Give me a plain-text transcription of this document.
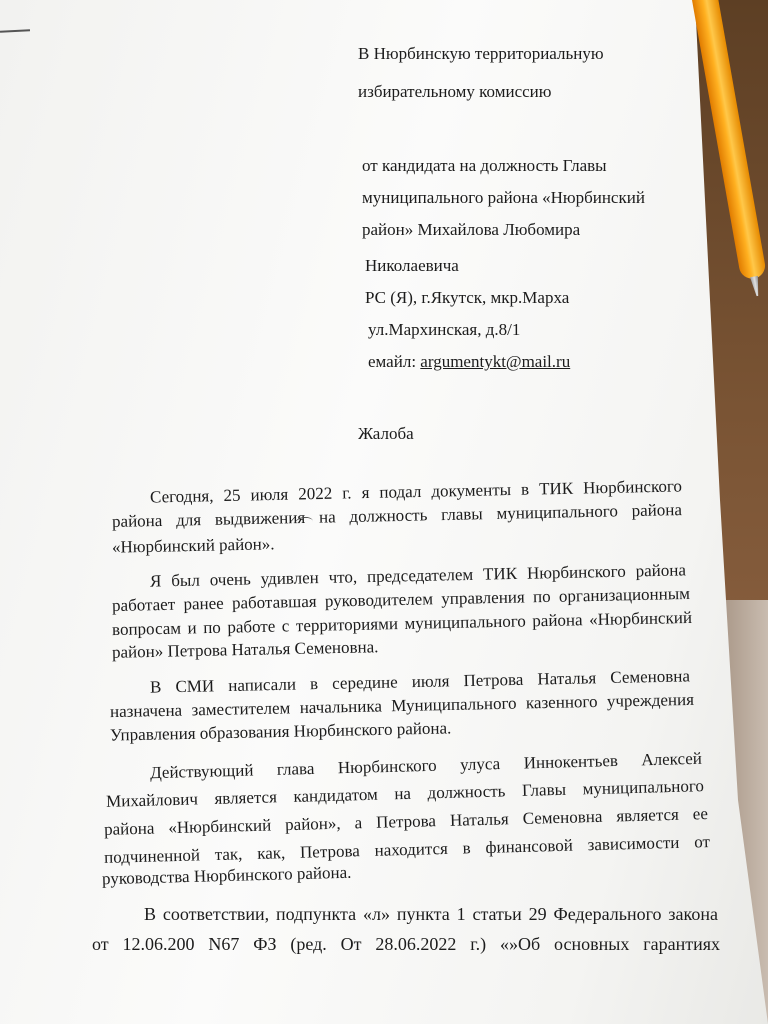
В Нюрбинскую территориальную
избирательному комиссию
от кандидата на должность Главы
муниципального района «Нюрбинский
район» Михайлова Любомира
Николаевича
РС (Я), г.Якутск, мкр.Марха
ул.Мархинская, д.8/1
емайл: argumentykt@mail.ru
Жалоба
Сегодня, 25 июля 2022 г. я подал документы в ТИК Нюрбинского
района для выдвижения на должность главы муниципального района
«Нюрбинский район».
Я был очень удивлен что, председателем ТИК Нюрбинского района
работает ранее работавшая руководителем управления по организационным
вопросам и по работе с территориями муниципального района «Нюрбинский
район» Петрова Наталья Семеновна.
В СМИ написали в середине июля Петрова Наталья Семеновна
назначена заместителем начальника Муниципального казенного учреждения
Управления образования Нюрбинского района.
Действующий глава Нюрбинского улуса Иннокентьев Алексей
Михайлович является кандидатом на должность Главы муниципального
района «Нюрбинский район», а Петрова Наталья Семеновна является ее
подчиненной так, как, Петрова находится в финансовой зависимости от
руководства Нюрбинского района.
В соответствии, подпункта «л» пункта 1 статьи 29 Федерального закона
от 12.06.200 N67 ФЗ (ред. От 28.06.2022 г.) «»Об основных гарантиях
